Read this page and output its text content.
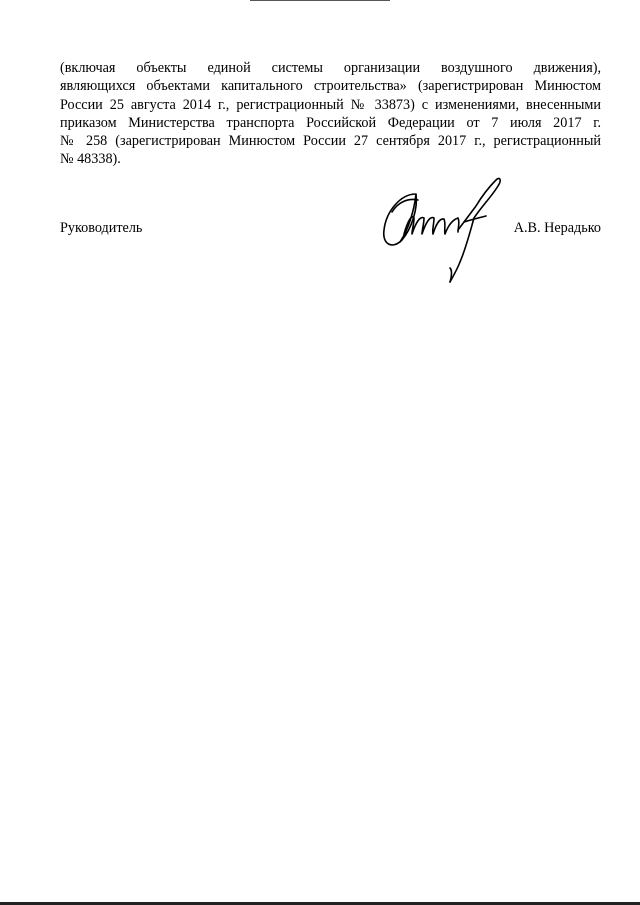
(включая объекты единой системы организации воздушного движения),
являющихся объектами капитального строительства» (зарегистрирован Минюстом
России 25 августа 2014 г., регистрационный № 33873) с изменениями, внесенными
приказом Министерства транспорта Российской Федерации от 7 июля 2017 г.
№ 258 (зарегистрирован Минюстом России 27 сентября 2017 г., регистрационный
№ 48338).

Руководитель	А.В. Нерадько
